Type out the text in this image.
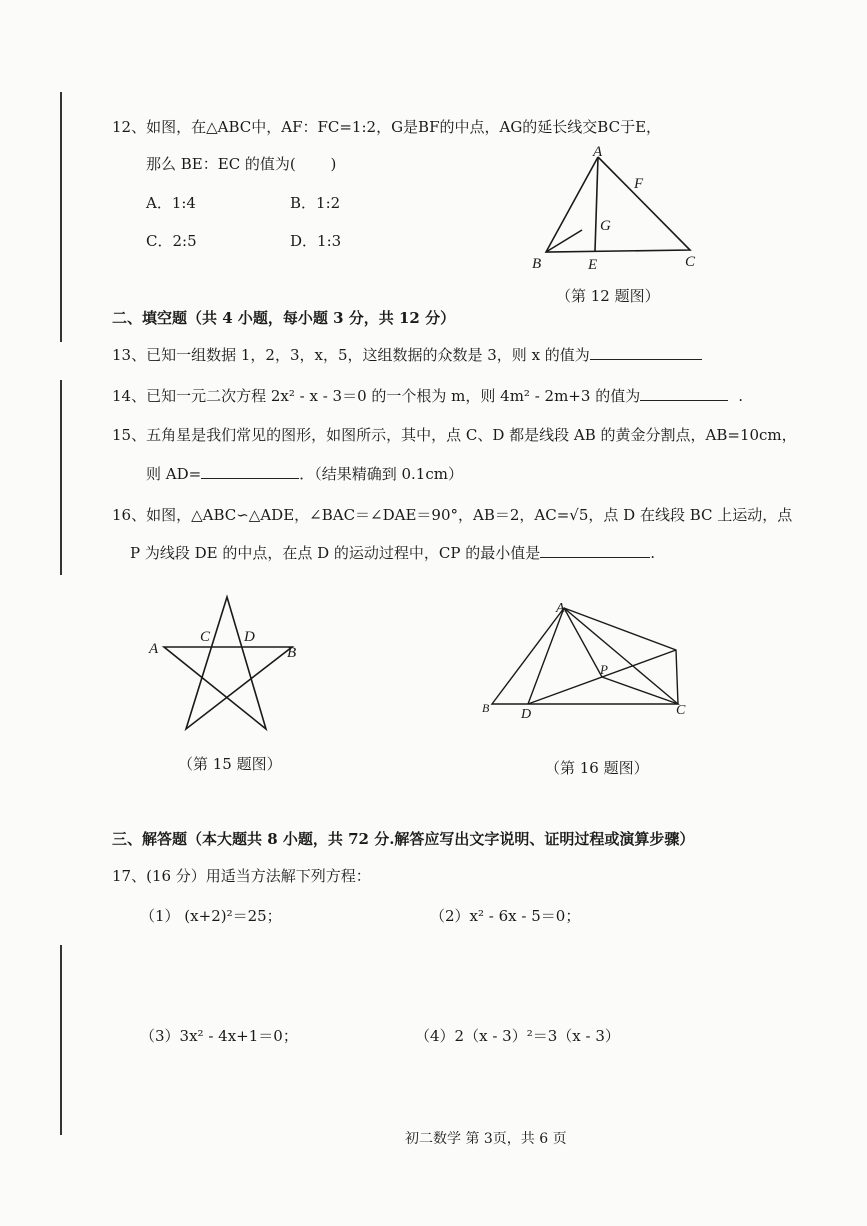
12、如图，在△ABC中，AF：FC=1:2，G是BF的中点，AG的延长线交BC于E，
那么 BE：EC 的值为(　　 )
A．1:4	B．1:2
C．2:5	D．1:3
A
F
G
B	E	C
（第 12 题图）
二、填空题（共 4 小题，每小题 3 分，共 12 分）
13、已知一组数据 1，2，3，x，5，这组数据的众数是 3，则 x 的值为
14、已知一元二次方程 2x² - x - 3＝0 的一个根为 m，则 4m² - 2m+3 的值为	.
15、五角星是我们常见的图形，如图所示，其中，点 C、D 都是线段 AB 的黄金分割点，AB=10cm，
则 AD=	．（结果精确到 0.1cm）
16、如图，△ABC∽△ADE，∠BAC＝∠DAE＝90°，AB＝2，AC=√5，点 D 在线段 BC 上运动，点
P 为线段 DE 的中点，在点 D 的运动过程中，CP 的最小值是	.
A
C D
B
（第 15 题图）
A
P
B D	C
（第 16 题图）
三、解答题（本大题共 8 小题，共 72 分.解答应写出文字说明、证明过程或演算步骤）
17、(16 分）用适当方法解下列方程：
（1） (x+2)²＝25；	（2）x² - 6x - 5＝0；
（3）3x² - 4x+1＝0；	（4）2（x - 3）²＝3（x - 3）
初二数学 第 3页，共 6 页
